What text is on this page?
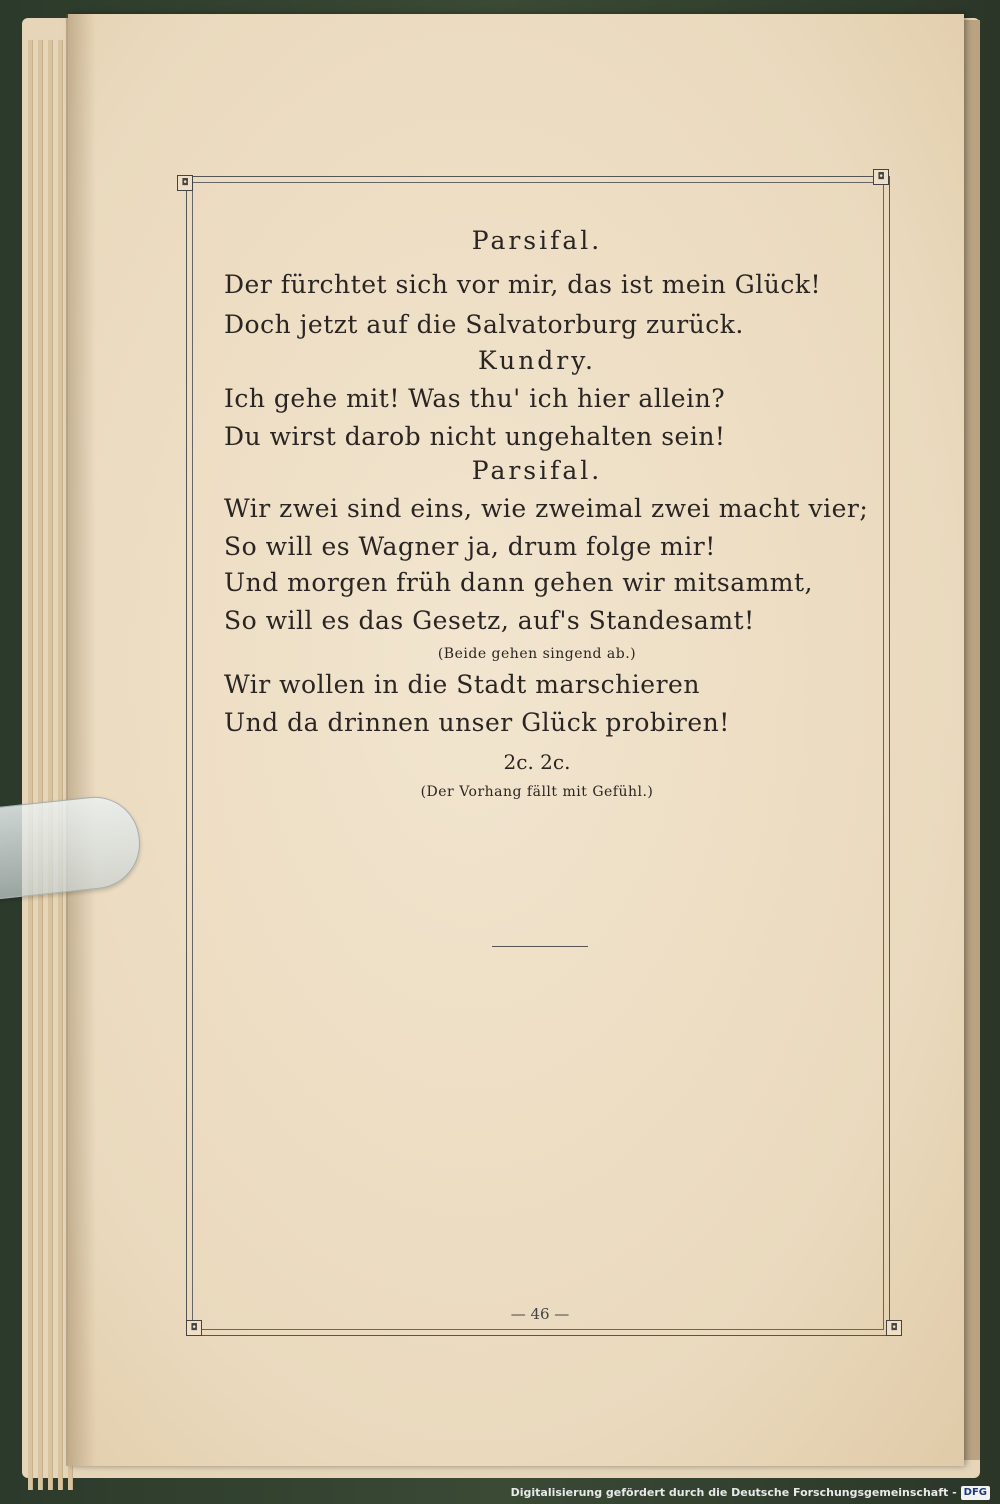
◘
◘
◘	◘
Parsifal.
Der fürchtet sich vor mir, das ist mein Glück!
Doch jetzt auf die Salvatorburg zurück.
Kundry.
Ich gehe mit! Was thu' ich hier allein?
Du wirst darob nicht ungehalten sein!
Parsifal.
Wir zwei sind eins, wie zweimal zwei macht vier;
So will es Wagner ja, drum folge mir!
Und morgen früh dann gehen wir mitsammt,
So will es das Gesetz, auf's Standesamt!
(Beide gehen singend ab.)
Wir wollen in die Stadt marschieren
Und da drinnen unser Glück probiren!
2c. 2c.
(Der Vorhang fällt mit Gefühl.)
— 46 —
Digitalisierung gefördert durch die Deutsche Forschungsgemeinschaft - DFG
